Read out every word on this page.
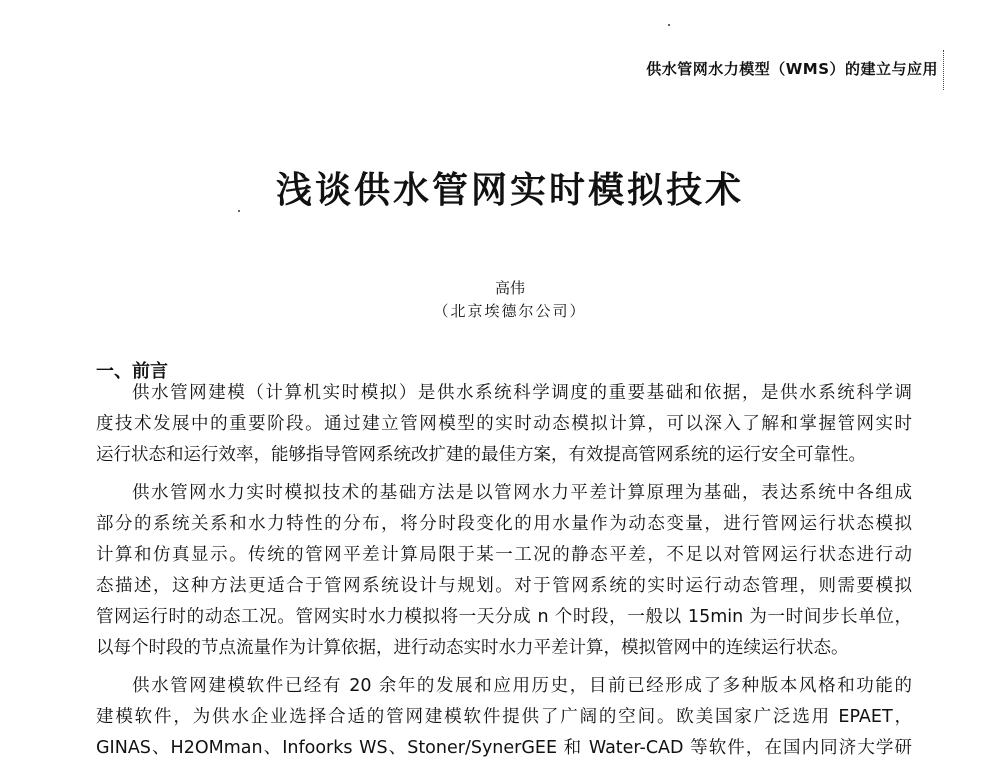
供水管网水力模型（WMS）的建立与应用
浅谈供水管网实时模拟技术
高伟
（北京埃德尔公司）
一、前言
供水管网建模（计算机实时模拟）是供水系统科学调度的重要基础和依据，是供水系统科学调
度技术发展中的重要阶段。通过建立管网模型的实时动态模拟计算，可以深入了解和掌握管网实时
运行状态和运行效率，能够指导管网系统改扩建的最佳方案，有效提高管网系统的运行安全可靠性。
供水管网水力实时模拟技术的基础方法是以管网水力平差计算原理为基础，表达系统中各组成
部分的系统关系和水力特性的分布，将分时段变化的用水量作为动态变量，进行管网运行状态模拟
计算和仿真显示。传统的管网平差计算局限于某一工况的静态平差，不足以对管网运行状态进行动
态描述，这种方法更适合于管网系统设计与规划。对于管网系统的实时运行动态管理，则需要模拟
管网运行时的动态工况。管网实时水力模拟将一天分成 n 个时段，一般以 15min 为一时间步长单位，
以每个时段的节点流量作为计算依据，进行动态实时水力平差计算，模拟管网中的连续运行状态。
供水管网建模软件已经有 20 余年的发展和应用历史，目前已经形成了多种版本风格和功能的
建模软件，为供水企业选择合适的管网建模软件提供了广阔的空间。欧美国家广泛选用 EPAET，
GINAS、H2OMman、Infoorks WS、Stoner/SynerGEE 和 Water-CAD 等软件，在国内同济大学研
